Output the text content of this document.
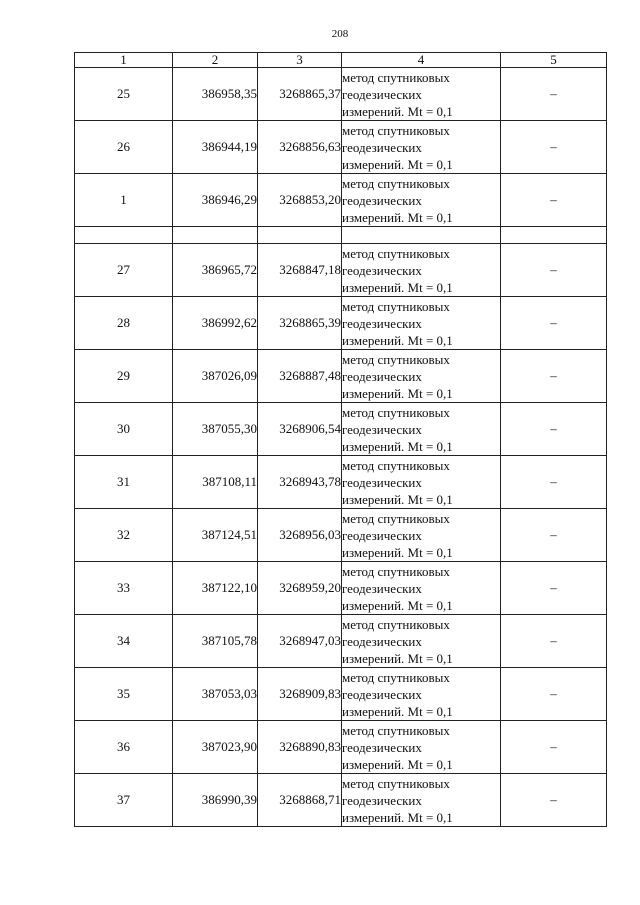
208
1	2	3	4	5
25	386958,35	3268865,37	метод спутниковых
геодезических
измерений. Mt = 0,1	–
26	386944,19	3268856,63	метод спутниковых
геодезических
измерений. Mt = 0,1	–
1	386946,29	3268853,20	метод спутниковых
геодезических
измерений. Mt = 0,1	–

27	386965,72	3268847,18	метод спутниковых
геодезических
измерений. Mt = 0,1	–
28	386992,62	3268865,39	метод спутниковых
геодезических
измерений. Mt = 0,1	–
29	387026,09	3268887,48	метод спутниковых
геодезических
измерений. Mt = 0,1	–
30	387055,30	3268906,54	метод спутниковых
геодезических
измерений. Mt = 0,1	–
31	387108,11	3268943,78	метод спутниковых
геодезических
измерений. Mt = 0,1	–
32	387124,51	3268956,03	метод спутниковых
геодезических
измерений. Mt = 0,1	–
33	387122,10	3268959,20	метод спутниковых
геодезических
измерений. Mt = 0,1	–
34	387105,78	3268947,03	метод спутниковых
геодезических
измерений. Mt = 0,1	–
35	387053,03	3268909,83	метод спутниковых
геодезических
измерений. Mt = 0,1	–
36	387023,90	3268890,83	метод спутниковых
геодезических
измерений. Mt = 0,1	–
37	386990,39	3268868,71	метод спутниковых
геодезических
измерений. Mt = 0,1	–
